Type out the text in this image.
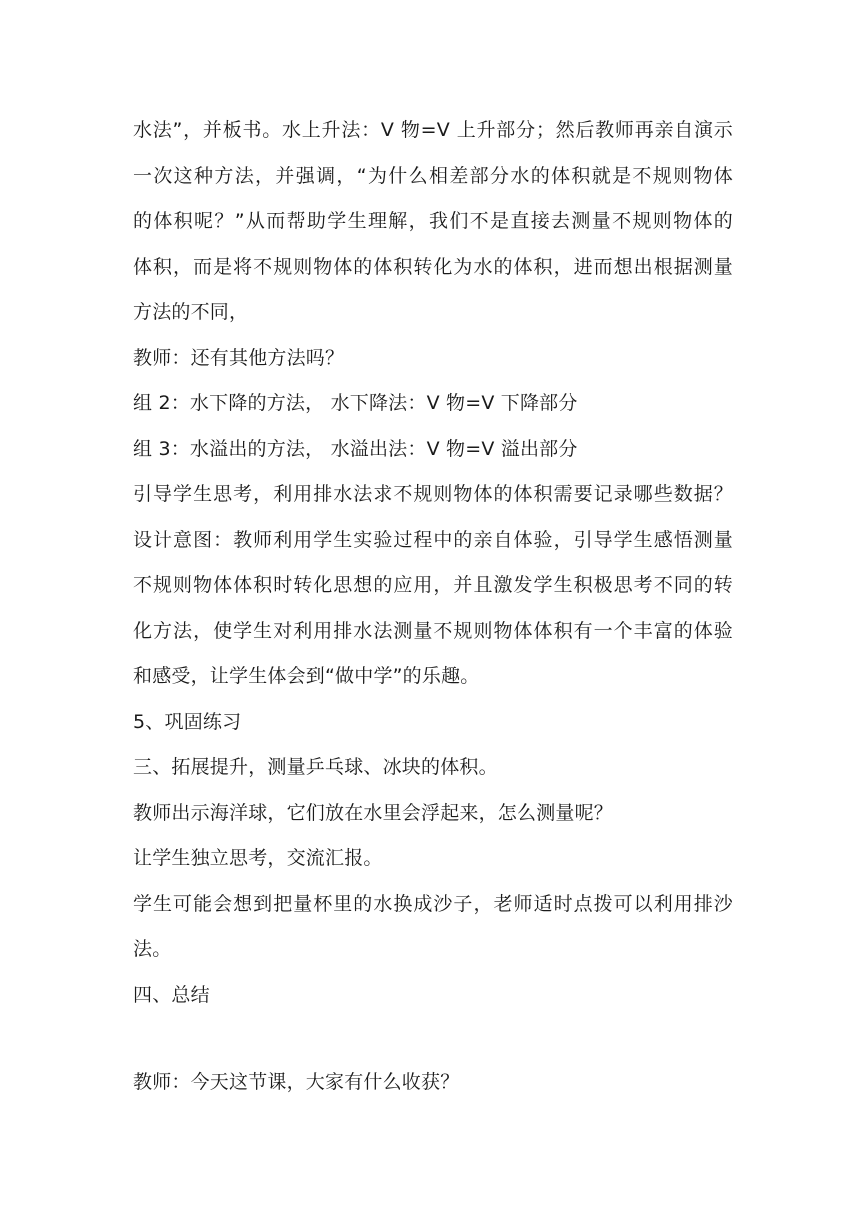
水法”，并板书。水上升法：V 物=V 上升部分；然后教师再亲自演示
一次这种方法，并强调，“为什么相差部分水的体积就是不规则物体
的体积呢？”从而帮助学生理解，我们不是直接去测量不规则物体的
体积，而是将不规则物体的体积转化为水的体积，进而想出根据测量
方法的不同，
教师：还有其他方法吗？
组 2：水下降的方法， 水下降法：V 物=V 下降部分
组 3：水溢出的方法， 水溢出法：V 物=V 溢出部分
引导学生思考，利用排水法求不规则物体的体积需要记录哪些数据？
设计意图：教师利用学生实验过程中的亲自体验，引导学生感悟测量
不规则物体体积时转化思想的应用，并且激发学生积极思考不同的转
化方法，使学生对利用排水法测量不规则物体体积有一个丰富的体验
和感受，让学生体会到“做中学”的乐趣。
5、巩固练习
三、拓展提升，测量乒乓球、冰块的体积。
教师出示海洋球，它们放在水里会浮起来，怎么测量呢？
让学生独立思考，交流汇报。
学生可能会想到把量杯里的水换成沙子，老师适时点拨可以利用排沙
法。
四、总结
教师：今天这节课，大家有什么收获？
